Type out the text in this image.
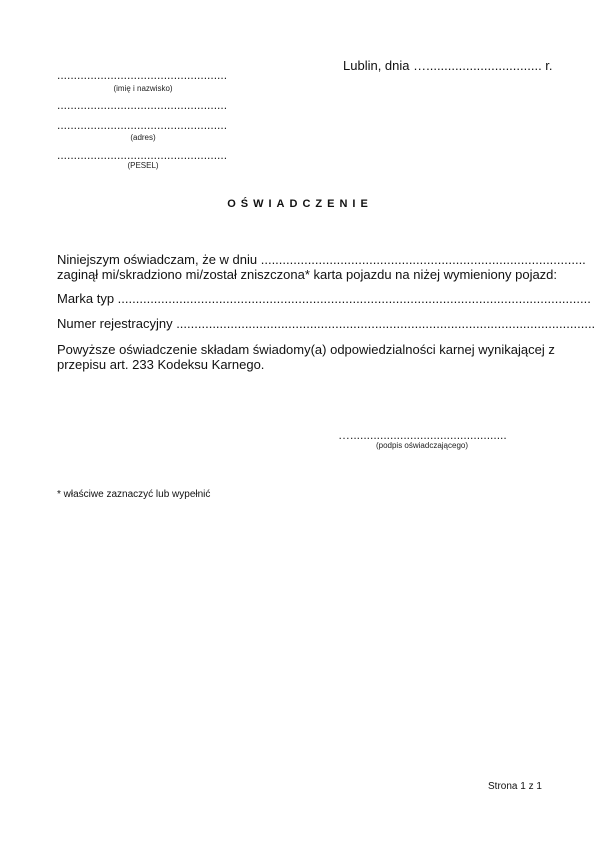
Lublin, dnia …................................ r.
...................................................
(imię i nazwisko)
...................................................
...................................................
(adres)
...................................................
(PESEL)
OŚWIADCZENIE
Niniejszym oświadczam, że w dniu ..........................................................................................
zaginął mi/skradziono mi/został zniszczona* karta pojazdu na niżej wymieniony pojazd:
Marka typ ...................................................................................................................................
Numer rejestracyjny ....................................................................................................................
Powyższe oświadczenie składam świadomy(a) odpowiedzialności karnej wynikającej z
przepisu art. 233 Kodeksu Karnego.
…...............................................
(podpis oświadczającego)
* właściwe zaznaczyć lub wypełnić
Strona 1 z 1
